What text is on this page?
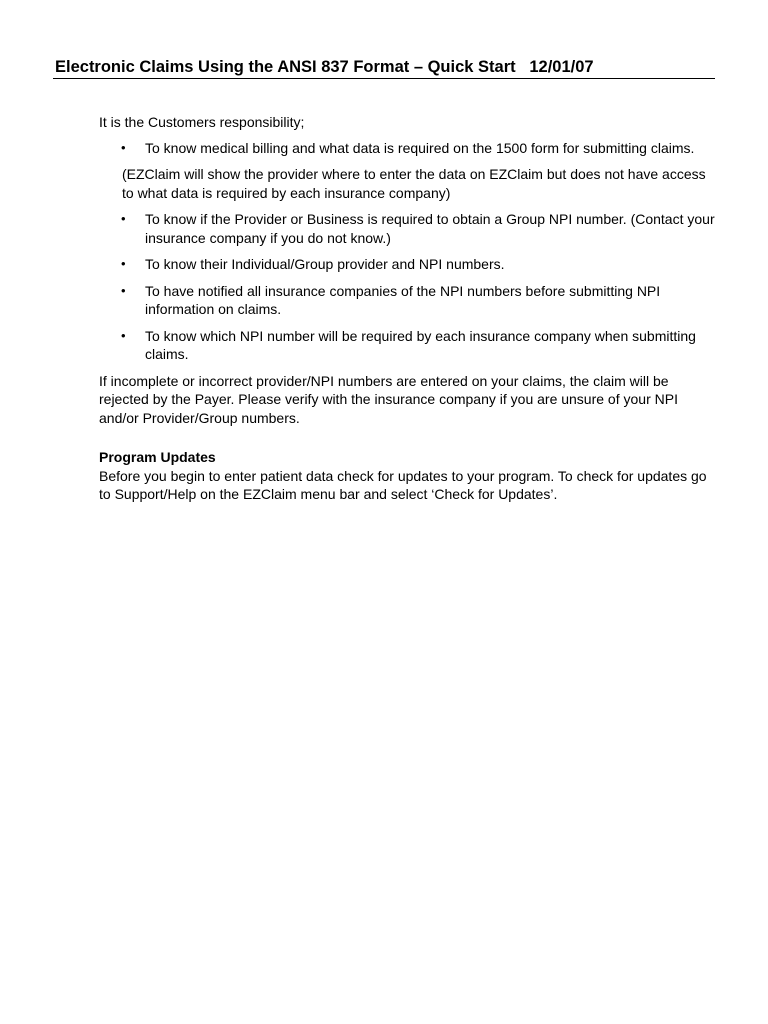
Electronic Claims Using the ANSI 837 Format – Quick Start   12/01/07

It is the Customers responsibility;

• To know medical billing and what data is required on the 1500 form for submitting claims.

(EZClaim will show the provider where to enter the data on EZClaim but does not have access to what data is required by each insurance company)

• To know if the Provider or Business is required to obtain a Group NPI number. (Contact your insurance company if you do not know.)
• To know their Individual/Group provider and NPI numbers.
• To have notified all insurance companies of the NPI numbers before submitting NPI information on claims.
• To know which NPI number will be required by each insurance company when submitting claims.

If incomplete or incorrect provider/NPI numbers are entered on your claims, the claim will be rejected by the Payer. Please verify with the insurance company if you are unsure of your NPI and/or Provider/Group numbers.

Program Updates

Before you begin to enter patient data check for updates to your program. To check for updates go to Support/Help on the EZClaim menu bar and select ‘Check for Updates’.
